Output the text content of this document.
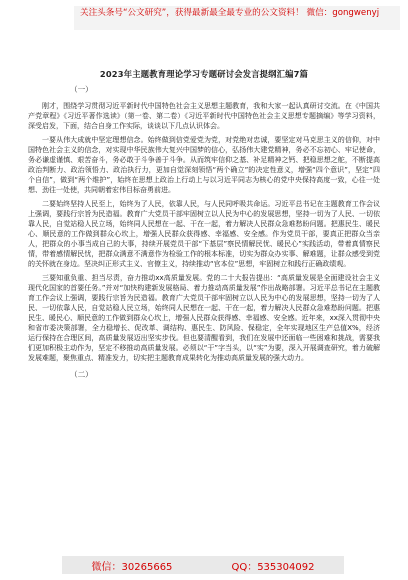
关注头条号“公文研究”，获得最新最全最专业的公文资料！ 微信：gongwenyj
2023年主题教育理论学习专题研讨会发言提纲汇编7篇
（一）

刚才，围绕学习贯彻习近平新时代中国特色社会主义思想主题教育，我和大家一起认真研讨交流。在《中国共产党章程》《习近平著作选读》（第一卷、第二卷）《习近平新时代中国特色社会主义思想专题摘编》等学习资料，深受启发，下面，结合自身工作实际，谈谈以下几点认识体会。

一要从伟大成就中坚定理想信念。始终做到信党爱党为党，对党绝对忠诚，要坚定对马克思主义的信仰，对中国特色社会主义的信念，对实现中华民族伟大复兴中国梦的信心，弘扬伟大建党精神，务必不忘初心、牢记使命，务必谦虚谨慎、艰苦奋斗，务必敢于斗争善于斗争。从而筑牢信仰之基、补足精神之钙、把稳思想之舵，不断提高政治判断力、政治领悟力、政治执行力，更加自觉深刻领悟“两个确立”的决定性意义，增强“四个意识”，坚定“四个自信”，做到“两个维护”，始终在思想上政治上行动上与以习近平同志为核心的党中央保持高度一致，心往一处想、劲往一处使，共同朝着宏伟目标奋勇前进。

二要始终坚持人民至上，始终为了人民，依靠人民，与人民同呼吸共命运。习近平总书记在主题教育工作会议上强调，要践行宗旨为民造福。教育广大党员干部牢固树立以人民为中心的发展思想，坚持一切为了人民、一切依靠人民，自觉站稳人民立场，始终同人民想在一起、干在一起，着力解决人民群众急难愁盼问题。把惠民生、暖民心、顺民意的工作做到群众心坎上，增强人民群众获得感、幸福感、安全感。作为党员干部，要真正把群众当亲人，把群众的小事当成自己的大事，持续开展党员干部“下基层”察民情解民忧、暖民心”实践活动，带着真情察民情，带着感情解民忧，把群众满意不满意作为检验工作的根本标准，切实为群众办实事、解难题，让群众感受到党的关怀就在身边。坚决纠正形式主义、官僚主义，持续推动“官本位”思想，牢固树立和践行正确政绩观。

三要知重负重、担当尽责，奋力推动xx高质量发展。党的二十大报告提出：“高质量发展是全面建设社会主义现代化国家的首要任务。”并对“加快构建新发展格局、着力推动高质量发展”作出战略部署。习近平总书记在主题教育工作会议上强调，要践行宗旨为民造福。教育广大党员干部牢固树立以人民为中心的发展思想，坚持一切为了人民、一切依靠人民，自觉站稳人民立场，始终同人民想在一起、干在一起，着力解决人民群众急难愁盼问题。把惠民生、暖民心、顺民意的工作做到群众心坎上，增强人民群众获得感、幸福感、安全感。近年来，xx深入贯彻中央和省市委决策部署，全力稳增长、促改革、调结构、惠民生、防风险、保稳定，全年实现地区生产总值X%，经济运行保持在合理区间，高质量发展迈出坚实步伐。但也要清醒看到，我们在发展中还面临一些困难和挑战，需要我们更加积极主动作为，坚定不移推动高质量发展。必须以“干”字当头，以“实”为要，深入开展调查研究，着力破解发展难题，聚焦重点、精准发力，切实把主题教育成果转化为推动高质量发展的强大动力。

（二）
微信：30265665	QQ：535304092
